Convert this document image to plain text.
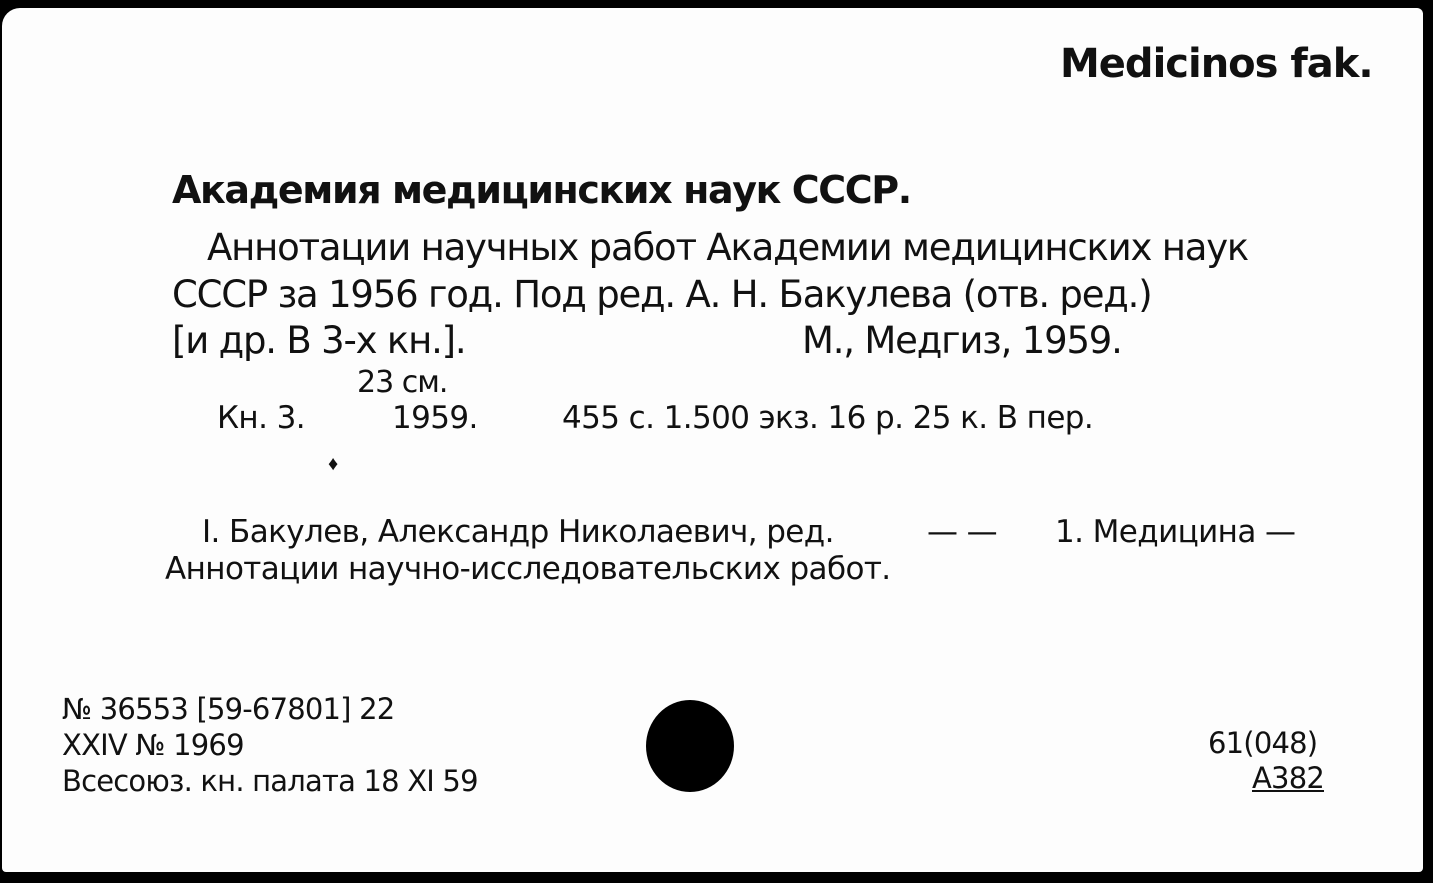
Medicinos fak.
Академия медицинских наук СССР.
Аннотации научных работ Академии медицинских наук
СССР за 1956 год. Под ред. А. Н. Бакулева (отв. ред.)
[и др. В 3-х кн.].	М., Медгиз, 1959.
23 см.
Кн. 3.	1959.	455 с. 1.500 экз. 16 р. 25 к. В пер.
♦
I. Бакулев, Александр Николаевич, ред.	— — 1. Медицина —
Аннотации научно-исследовательских работ.
№ 36553 [59-67801] 22
XXIV № 1969
Всесоюз. кн. палата 18 XI 59
61(048)
А382
